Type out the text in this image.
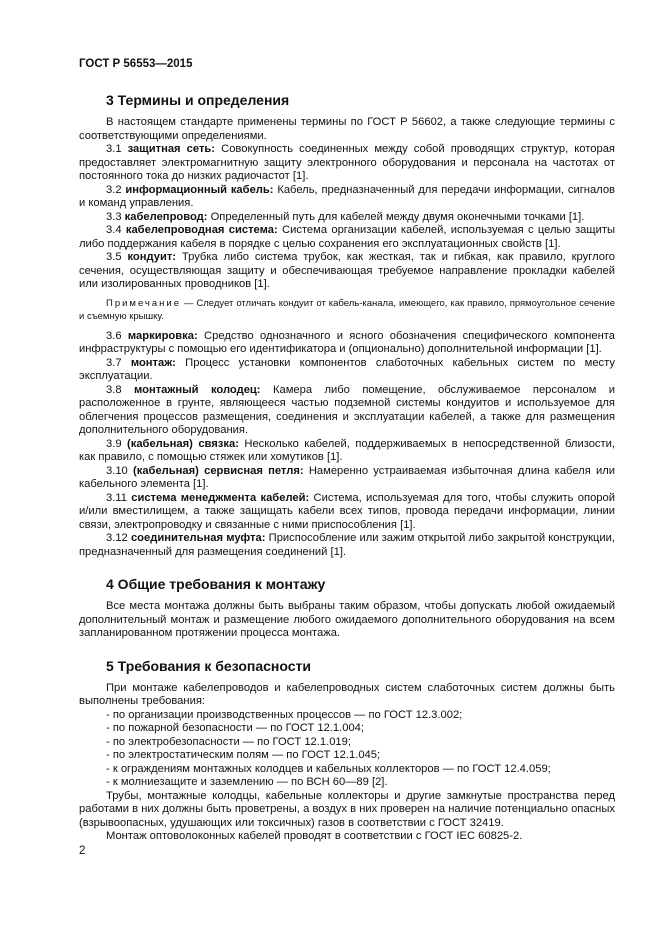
ГОСТ Р 56553—2015
3 Термины и определения

В настоящем стандарте применены термины по ГОСТ Р 56602, а также следующие термины с соответствующими определениями.

3.1 защитная сеть: Совокупность соединенных между собой проводящих структур, которая предоставляет электромагнитную защиту электронного оборудования и персонала на частотах от постоянного тока до низких радиочастот [1].

3.2 информационный кабель: Кабель, предназначенный для передачи информации, сигналов и команд управления.

3.3 кабелепровод: Определенный путь для кабелей между двумя оконечными точками [1].

3.4 кабелепроводная система: Система организации кабелей, используемая с целью защиты либо поддержания кабеля в порядке с целью сохранения его эксплуатационных свойств [1].

3.5 кондуит: Трубка либо система трубок, как жесткая, так и гибкая, как правило, круглого сечения, осуществляющая защиту и обеспечивающая требуемое направление прокладки кабелей или изолированных проводников [1].

Примечание — Следует отличать кондуит от кабель-канала, имеющего, как правило, прямоугольное сечение и съемную крышку.

3.6 маркировка: Средство однозначного и ясного обозначения специфического компонента инфраструктуры с помощью его идентификатора и (опционально) дополнительной информации [1].

3.7 монтаж: Процесс установки компонентов слаботочных кабельных систем по месту эксплуатации.

3.8 монтажный колодец: Камера либо помещение, обслуживаемое персоналом и расположенное в грунте, являющееся частью подземной системы кондуитов и используемое для облегчения процессов размещения, соединения и эксплуатации кабелей, а также для размещения дополнительного оборудования.

3.9 (кабельная) связка: Несколько кабелей, поддерживаемых в непосредственной близости, как правило, с помощью стяжек или хомутиков [1].

3.10 (кабельная) сервисная петля: Намеренно устраиваемая избыточная длина кабеля или кабельного элемента [1].

3.11 система менеджмента кабелей: Система, используемая для того, чтобы служить опорой и/или вместилищем, а также защищать кабели всех типов, провода передачи информации, линии связи, электропроводку и связанные с ними приспособления [1].

3.12 соединительная муфта: Приспособление или зажим открытой либо закрытой конструкции, предназначенный для размещения соединений [1].

4 Общие требования к монтажу

Все места монтажа должны быть выбраны таким образом, чтобы допускать любой ожидаемый дополнительный монтаж и размещение любого ожидаемого дополнительного оборудования на всем запланированном протяжении процесса монтажа.

5 Требования к безопасности

При монтаже кабелепроводов и кабелепроводных систем слаботочных систем должны быть выполнены требования:

- по организации производственных процессов — по ГОСТ 12.3.002;

- по пожарной безопасности — по ГОСТ 12.1.004;

- по электробезопасности — по ГОСТ 12.1.019;

- по электростатическим полям — по ГОСТ 12.1.045;

- к ограждениям монтажных колодцев и кабельных коллекторов — по ГОСТ 12.4.059;

- к молниезащите и заземлению — по ВСН 60—89 [2].

Трубы, монтажные колодцы, кабельные коллекторы и другие замкнутые пространства перед работами в них должны быть проветрены, а воздух в них проверен на наличие потенциально опасных (взрывоопасных, удушающих или токсичных) газов в соответствии с ГОСТ 32419.

Монтаж оптоволоконных кабелей проводят в соответствии с ГОСТ IEC 60825-2.

2
